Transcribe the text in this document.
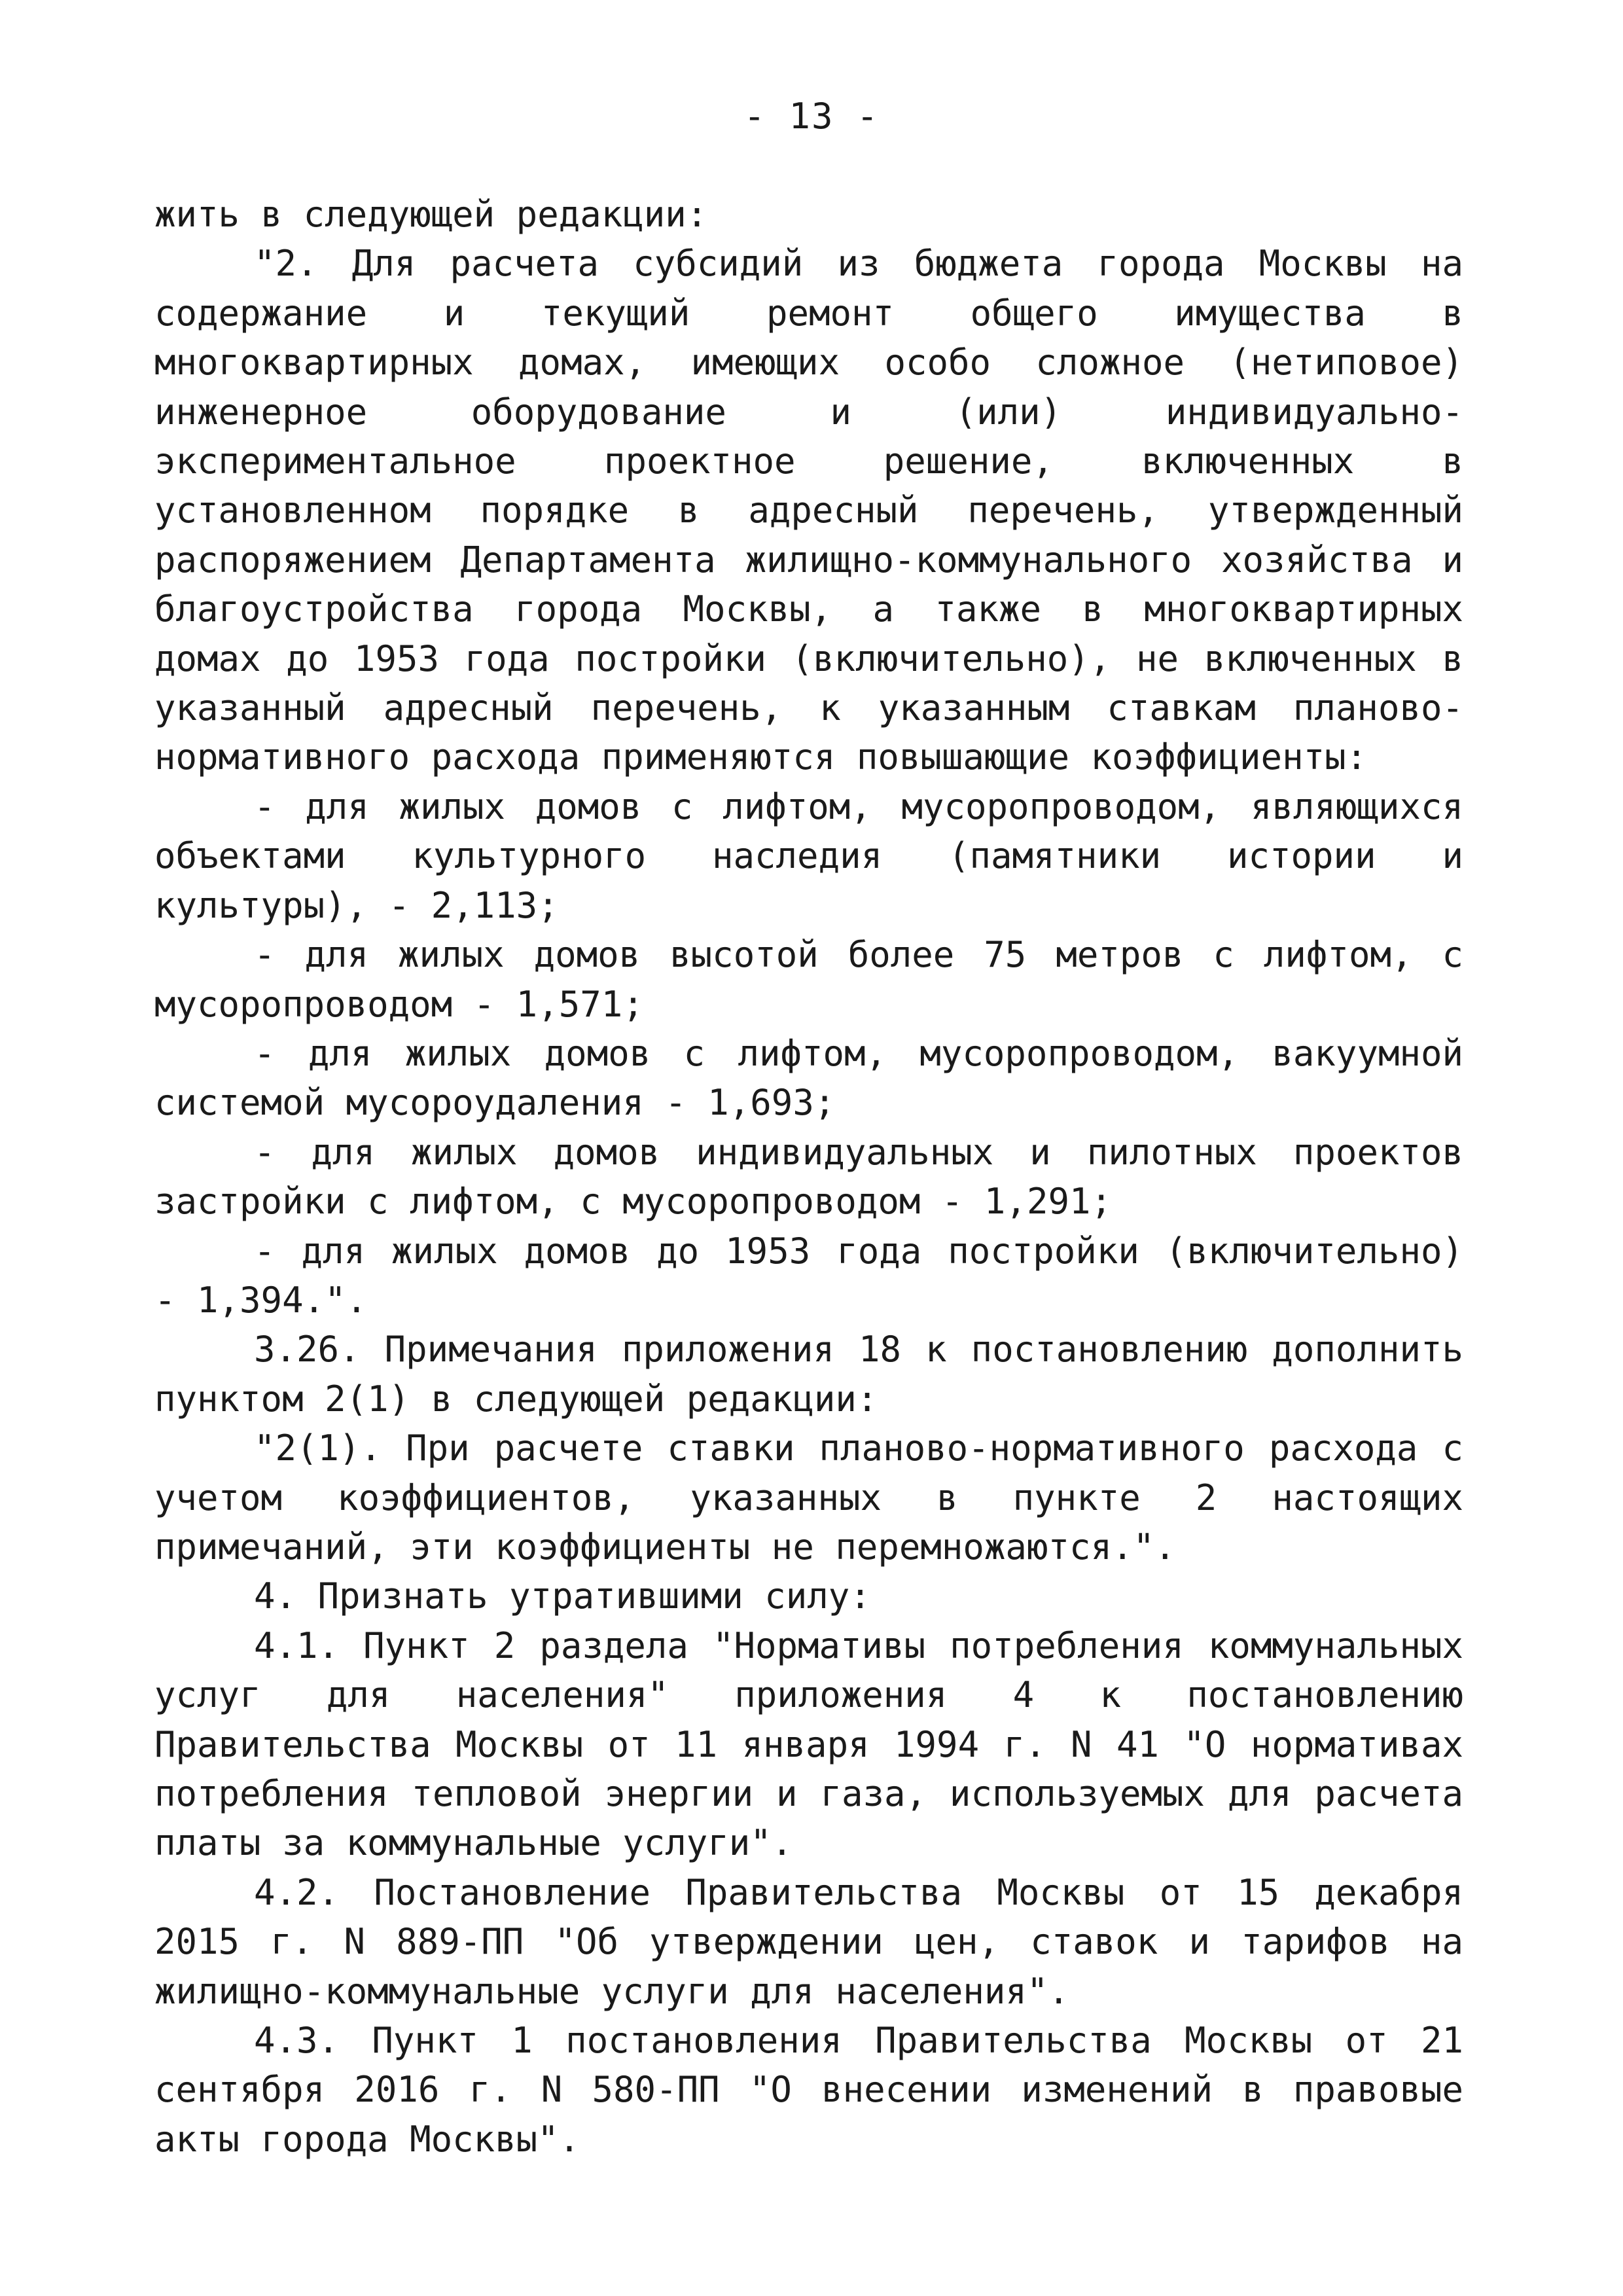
- 13 -

жить в следующей редакции:

"2. Для расчета субсидий из бюджета города Москвы на содержание и текущий ремонт общего имущества в многоквартирных домах, имеющих особо сложное (нетиповое) инженерное оборудование и (или) индивидуально-экспериментальное проектное решение, включенных в установленном порядке в адресный перечень, утвержденный распоряжением Департамента жилищно-коммунального хозяйства и благоустройства города Москвы, а также в многоквартирных домах до 1953 года постройки (включительно), не включенных в указанный адресный перечень, к указанным ставкам планово-нормативного расхода применяются повышающие коэффициенты:

- для жилых домов с лифтом, мусоропроводом, являющихся объектами культурного наследия (памятники истории и культуры), - 2,113;

- для жилых домов высотой более 75 метров с лифтом, с мусоропроводом - 1,571;

- для жилых домов с лифтом, мусоропроводом, вакуумной системой мусороудаления - 1,693;

- для жилых домов индивидуальных и пилотных проектов застройки с лифтом, с мусоропроводом - 1,291;

- для жилых домов до 1953 года постройки (включительно) - 1,394.".

3.26. Примечания приложения 18 к постановлению дополнить пунктом 2(1) в следующей редакции:

"2(1). При расчете ставки планово-нормативного расхода с учетом коэффициентов, указанных в пункте 2 настоящих примечаний, эти коэффициенты не перемножаются.".

4. Признать утратившими силу:

4.1. Пункт 2 раздела "Нормативы потребления коммунальных услуг для населения" приложения 4 к постановлению Правительства Москвы от 11 января 1994 г. N 41 "О нормативах потребления тепловой энергии и газа, используемых для расчета платы за коммунальные услуги".

4.2. Постановление Правительства Москвы от 15 декабря 2015 г. N 889-ПП "Об утверждении цен, ставок и тарифов на жилищно-коммунальные услуги для населения".

4.3. Пункт 1 постановления Правительства Москвы от 21 сентября 2016 г. N 580-ПП "О внесении изменений в правовые акты города Москвы".
